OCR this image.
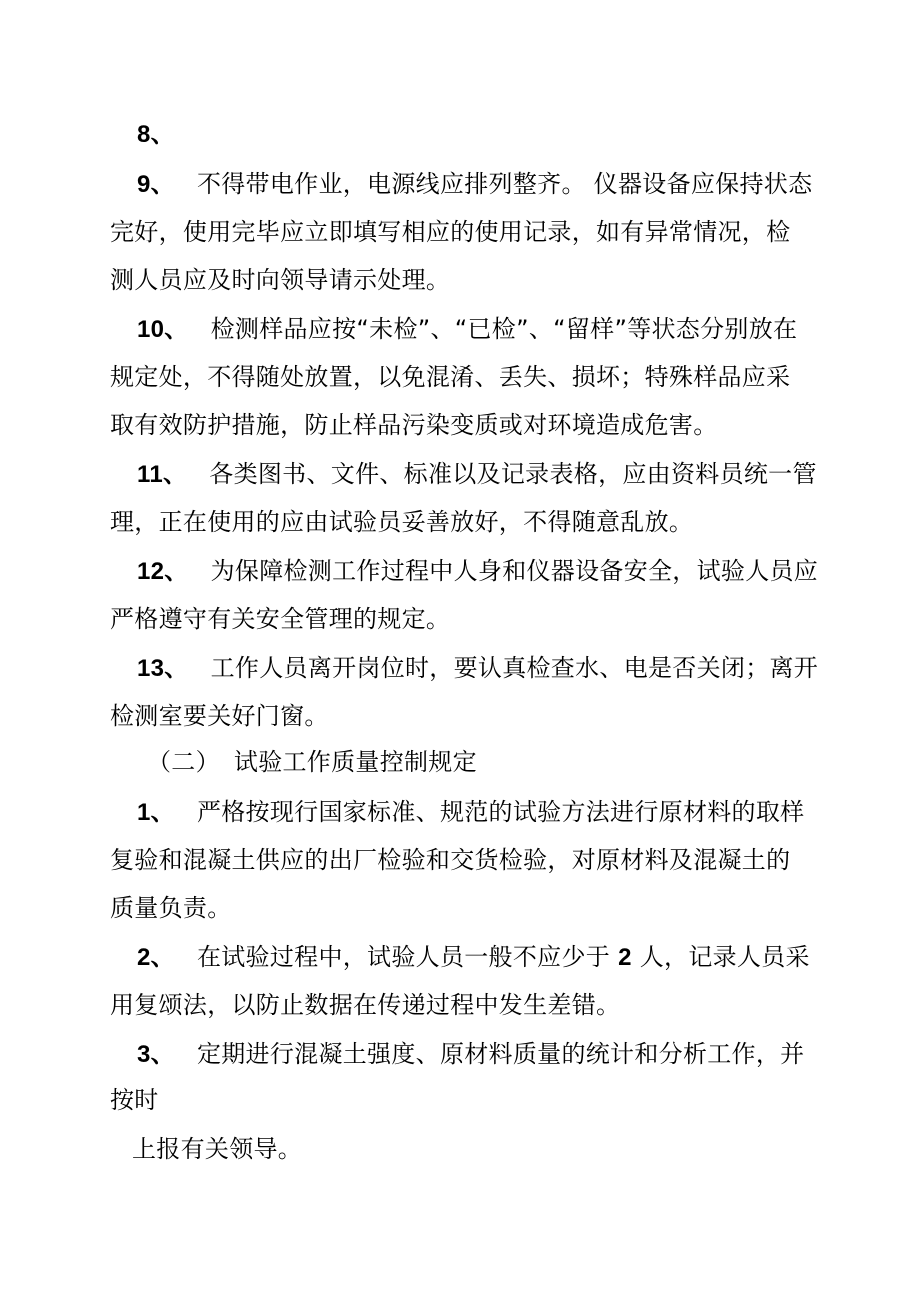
8、
9、 不得带电作业，电源线应排列整齐。 仪器设备应保持状态
完好，使用完毕应立即填写相应的使用记录，如有异常情况，检
测人员应及时向领导请示处理。
10、 检测样品应按“未检”、“已检”、“留样”等状态分别放在
规定处，不得随处放置，以免混淆、丢失、损坏；特殊样品应采
取有效防护措施，防止样品污染变质或对环境造成危害。
11、 各类图书、文件、标准以及记录表格，应由资料员统一管
理，正在使用的应由试验员妥善放好，不得随意乱放。
12、 为保障检测工作过程中人身和仪器设备安全，试验人员应
严格遵守有关安全管理的规定。
13、 工作人员离开岗位时，要认真检查水、电是否关闭；离开
检测室要关好门窗。
（二） 试验工作质量控制规定
1、 严格按现行国家标准、规范的试验方法进行原材料的取样
复验和混凝土供应的出厂检验和交货检验，对原材料及混凝土的
质量负责。
2、 在试验过程中，试验人员一般不应少于 2 人，记录人员采
用复颂法，以防止数据在传递过程中发生差错。
3、 定期进行混凝土强度、原材料质量的统计和分析工作，并
按时
上报有关领导。
